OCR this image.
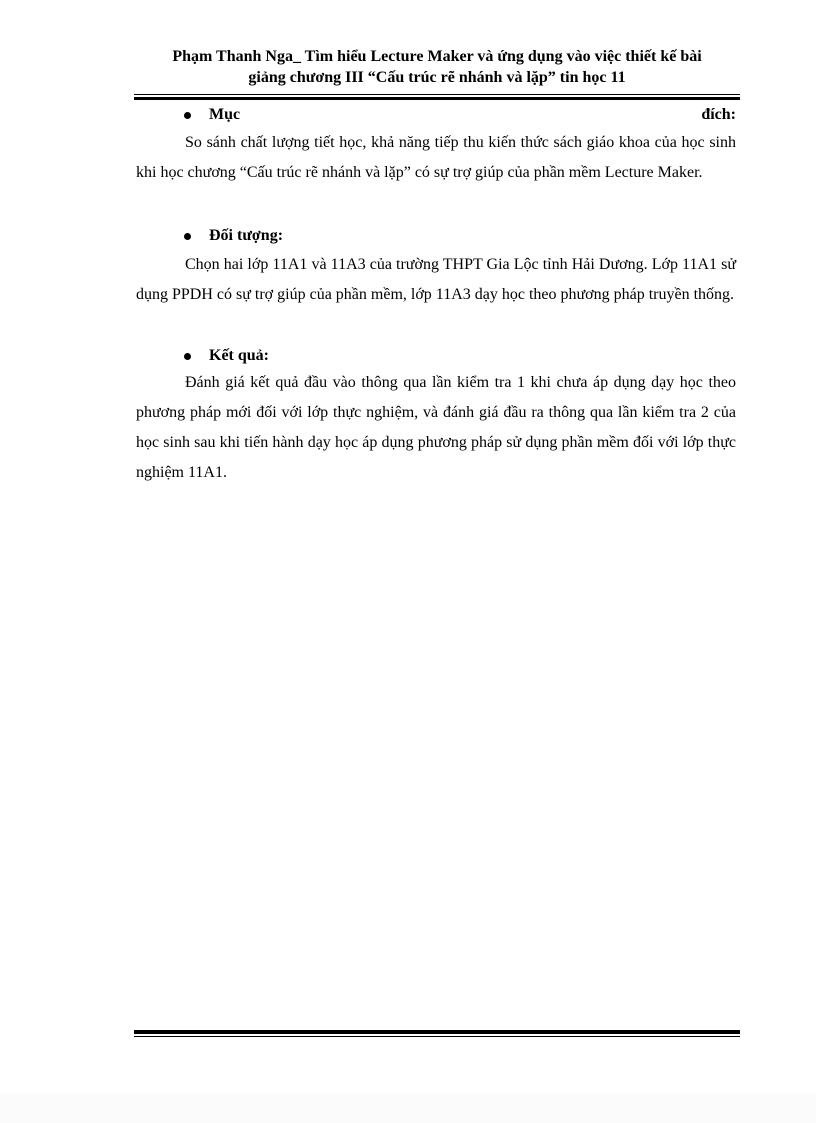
Phạm Thanh Nga_ Tìm hiểu Lecture Maker và ứng dụng vào việc thiết kế bài
giảng chương III “Cấu trúc rẽ nhánh và lặp” tin học 11
Mục	đích:

So sánh chất lượng tiết học, khả năng tiếp thu kiến thức sách giáo khoa của học sinh khi học chương “Cấu trúc rẽ nhánh và lặp” có sự trợ giúp của phần mềm Lecture Maker.

Đối tượng:

Chọn hai lớp 11A1 và 11A3 của trường THPT Gia Lộc tỉnh Hải Dương. Lớp 11A1 sử dụng PPDH có sự trợ giúp của phần mềm, lớp 11A3 dạy học theo phương pháp truyền thống.

Kết quả:

Đánh giá kết quả đầu vào thông qua lần kiểm tra 1 khi chưa áp dụng dạy học theo phương pháp mới đối với lớp thực nghiệm, và đánh giá đầu ra thông qua lần kiểm tra 2 của học sinh sau khi tiến hành dạy học áp dụng phương pháp sử dụng phần mềm đối với lớp thực nghiệm 11A1.
